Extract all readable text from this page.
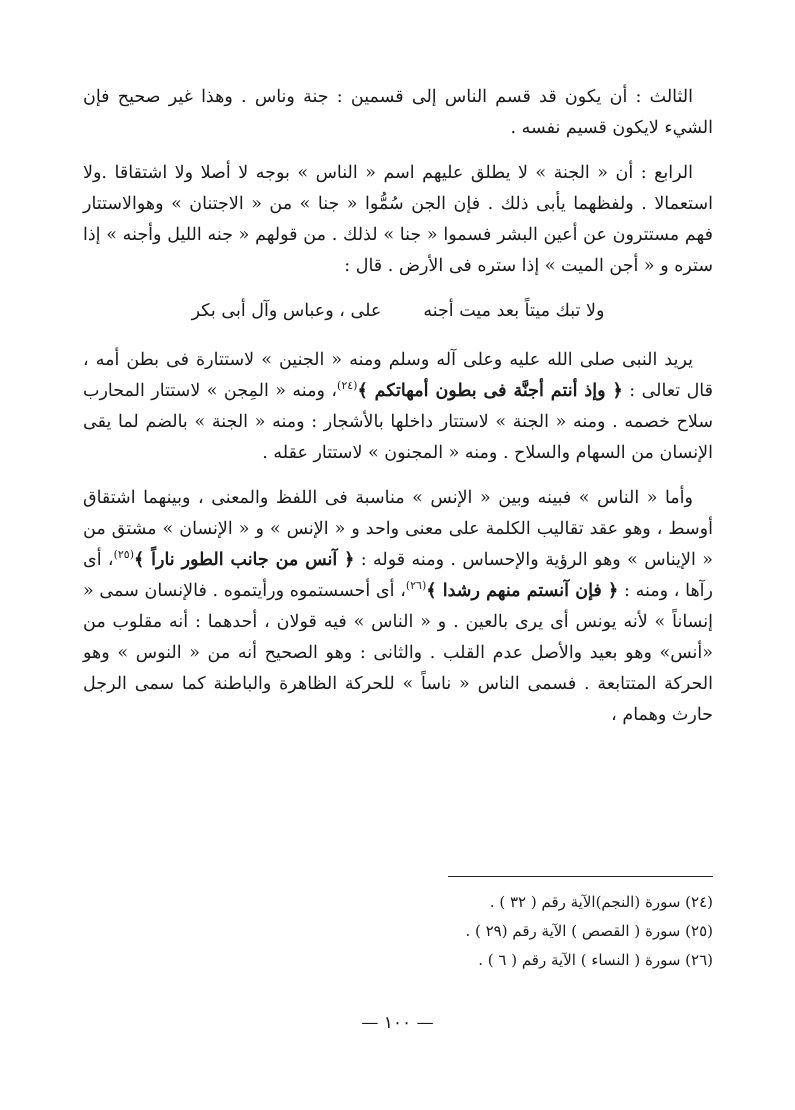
الثالث : أن يكون قد قسم الناس إلى قسمين : جنة وناس . وهذا غير صحيح فإن الشيء لايكون قسيم نفسه .

الرابع : أن « الجنة » لا يطلق عليهم اسم « الناس » بوجه لا أصلا ولا اشتقاقا .ولا استعمالا . ولفظهما يأبى ذلك . فإن الجن سُمُّوا « جنا » من « الاجتنان » وهوالاستتار فهم مستترون عن أعين البشر فسموا « جنا » لذلك . من قولهم « جنه الليل وأجنه » إذا ستره و « أجن الميت » إذا ستره فى الأرض . قال :

ولا تبك ميتاً بعد ميت أجنه
على ، وعباس وآل أبى بكر

يريد النبى صلى الله عليه وعلى آله وسلم ومنه « الجنين » لاستتارة فى بطن أمه ، قال تعالى : ﴿ وإذ أنتم أجنَّة فى بطون أمهاتكم ﴾$^{(٢٤)}$، ومنه « المِجن » لاستتار المحارب سلاح خصمه . ومنه « الجنة » لاستتار داخلها بالأشجار : ومنه « الجنة » بالضم لما يقى الإنسان من السهام والسلاح . ومنه « المجنون » لاستتار عقله .

وأما « الناس » فبينه وبين « الإنس » مناسبة فى اللفظ والمعنى ، وبينهما اشتقاق أوسط ، وهو عقد تقاليب الكلمة على معنى واحد و « الإنس » و « الإنسان » مشتق من « الإيناس » وهو الرؤية والإحساس . ومنه قوله : ﴿ آنس من جانب الطور ناراً ﴾$^{(٢٥)}$، أى رآها ، ومنه : ﴿ فإن آنستم منهم رشدا ﴾$^{(٢٦)}$، أى أحسستموه ورأيتموه . فالإنسان سمى « إنساناً » لأنه يونس أى يرى بالعين . و « الناس » فيه قولان ، أحدهما : أنه مقلوب من «أنس» وهو بعيد والأصل عدم القلب . والثانى : وهو الصحيح أنه من « النوس » وهو الحركة المتتابعة . فسمى الناس « ناساً » للحركة الظاهرة والباطنة كما سمى الرجل حارث وهمام ،

(٢٤) سورة (النجم)الآية رقم ( ٣٢ ) .
(٢٥) سورة ( القصص ) الآية رقم (٢٩ ) .
(٢٦) سورة ( النساء ) الآية رقم ( ٦ ) .
— ١٠٠ —
